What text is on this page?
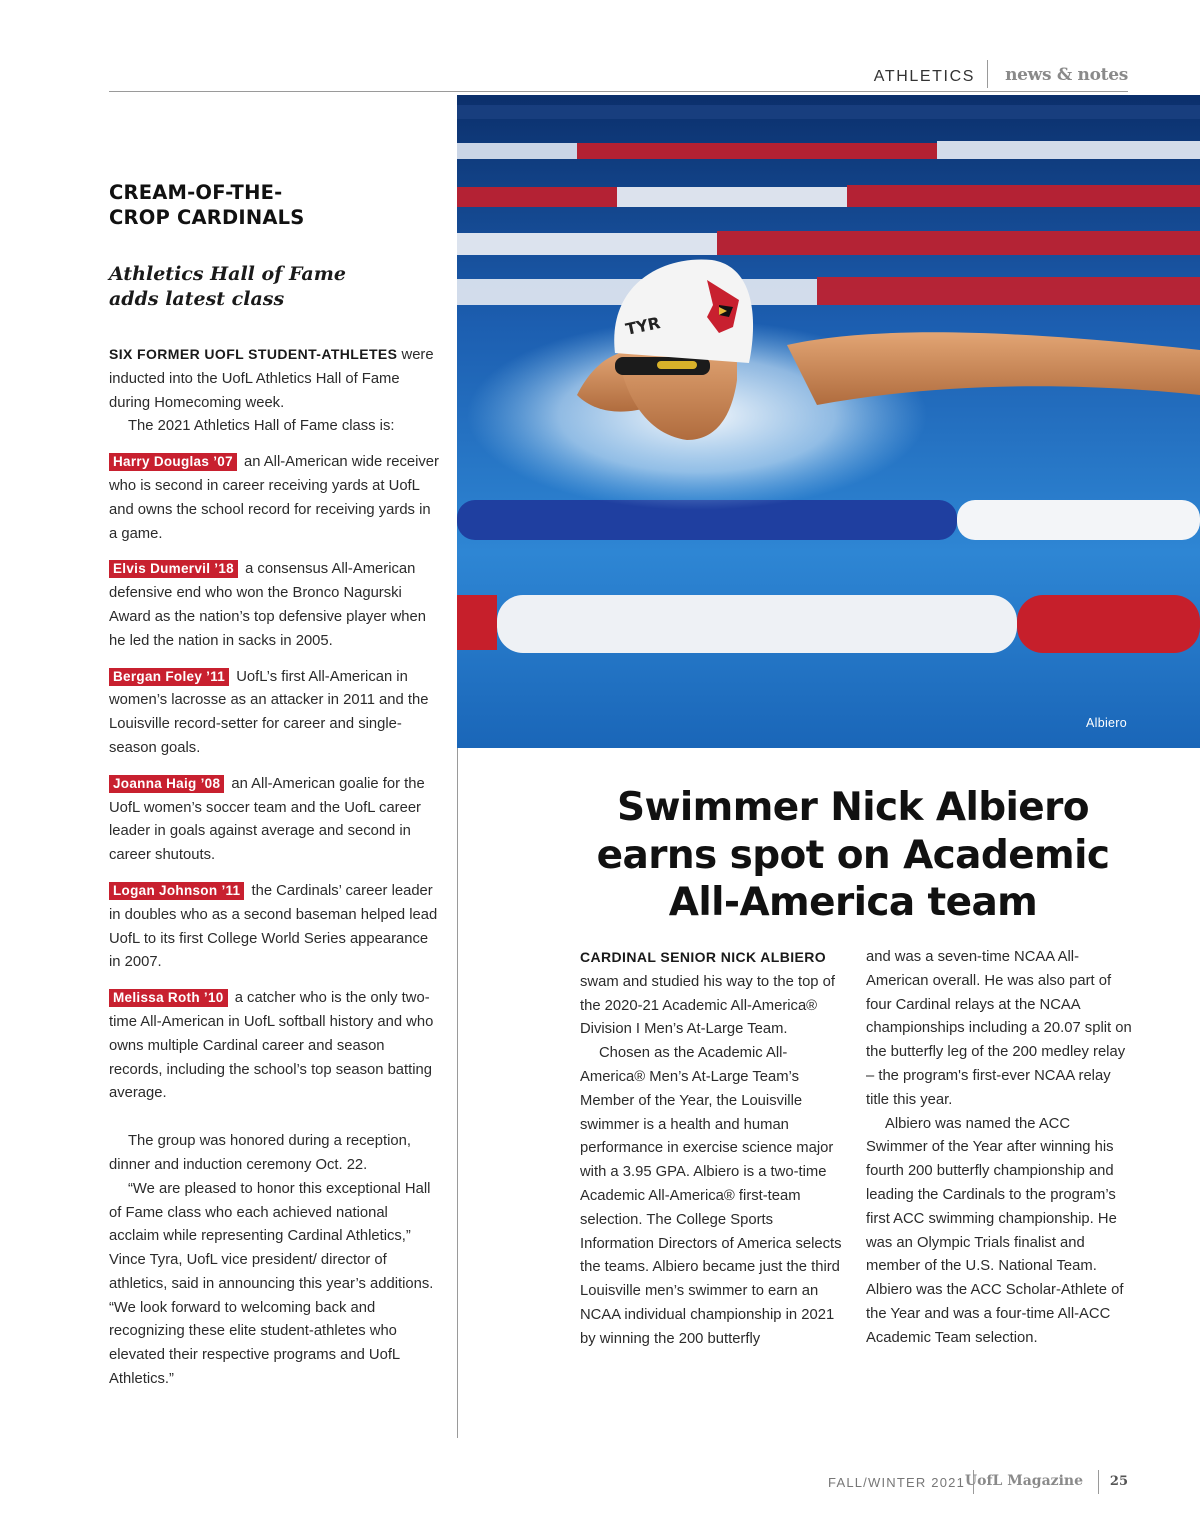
ATHLETICS news & notes
CREAM-OF-THE-
CROP CARDINALS
Athletics Hall of Fame
adds latest class

SIX FORMER UOFL STUDENT-ATHLETES were inducted into the UofL Athletics Hall of Fame during Homecoming week.

The 2021 Athletics Hall of Fame class is:

Harry Douglas ’07 an All-American wide receiver who is second in career receiving yards at UofL and owns the school record for receiving yards in a game.

Elvis Dumervil ’18 a consensus All-American defensive end who won the Bronco Nagurski Award as the nation’s top defensive player when he led the nation in sacks in 2005.

Bergan Foley ’11 UofL’s first All-American in women’s lacrosse as an attacker in 2011 and the Louisville record-setter for career and single-season goals.

Joanna Haig ’08 an All-American goalie for the UofL women’s soccer team and the UofL career leader in goals against average and second in career shutouts.

Logan Johnson ’11 the Cardinals’ career leader in doubles who as a second baseman helped lead UofL to its first College World Series appearance in 2007.

Melissa Roth ’10 a catcher who is the only two-time All-American in UofL softball history and who owns multiple Cardinal career and season records, including the school’s top season batting average.

The group was honored during a reception, dinner and induction ceremony Oct. 22.

“We are pleased to honor this exceptional Hall of Fame class who each achieved national acclaim while representing Cardinal Athletics,” Vince Tyra, UofL vice president/ director of athletics, said in announcing this year’s additions. “We look forward to welcoming back and recognizing these elite student-athletes who elevated their respective programs and UofL Athletics.”

TYR
Albiero
Swimmer Nick Albiero
earns spot on Academic
All-America team

CARDINAL SENIOR NICK ALBIERO swam and studied his way to the top of the 2020-21 Academic All-America® Division I Men’s At-Large Team.

Chosen as the Academic All-America® Men’s At-Large Team’s Member of the Year, the Louisville swimmer is a health and human performance in exercise science major with a 3.95 GPA. Albiero is a two-time Academic All-America® first-team selection. The College Sports Information Directors of America selects the teams. Albiero became just the third Louisville men’s swimmer to earn an NCAA individual championship in 2021 by winning the 200 butterfly

and was a seven-time NCAA All-American overall. He was also part of four Cardinal relays at the NCAA championships including a 20.07 split on the butterfly leg of the 200 medley relay – the program's first-ever NCAA relay title this year.

Albiero was named the ACC Swimmer of the Year after winning his fourth 200 butterfly championship and leading the Cardinals to the program’s first ACC swimming championship. He was an Olympic Trials finalist and member of the U.S. National Team. Albiero was the ACC Scholar-Athlete of the Year and was a four-time All-ACC Academic Team selection.

FALL/WINTER 2021 UofL Magazine 25
